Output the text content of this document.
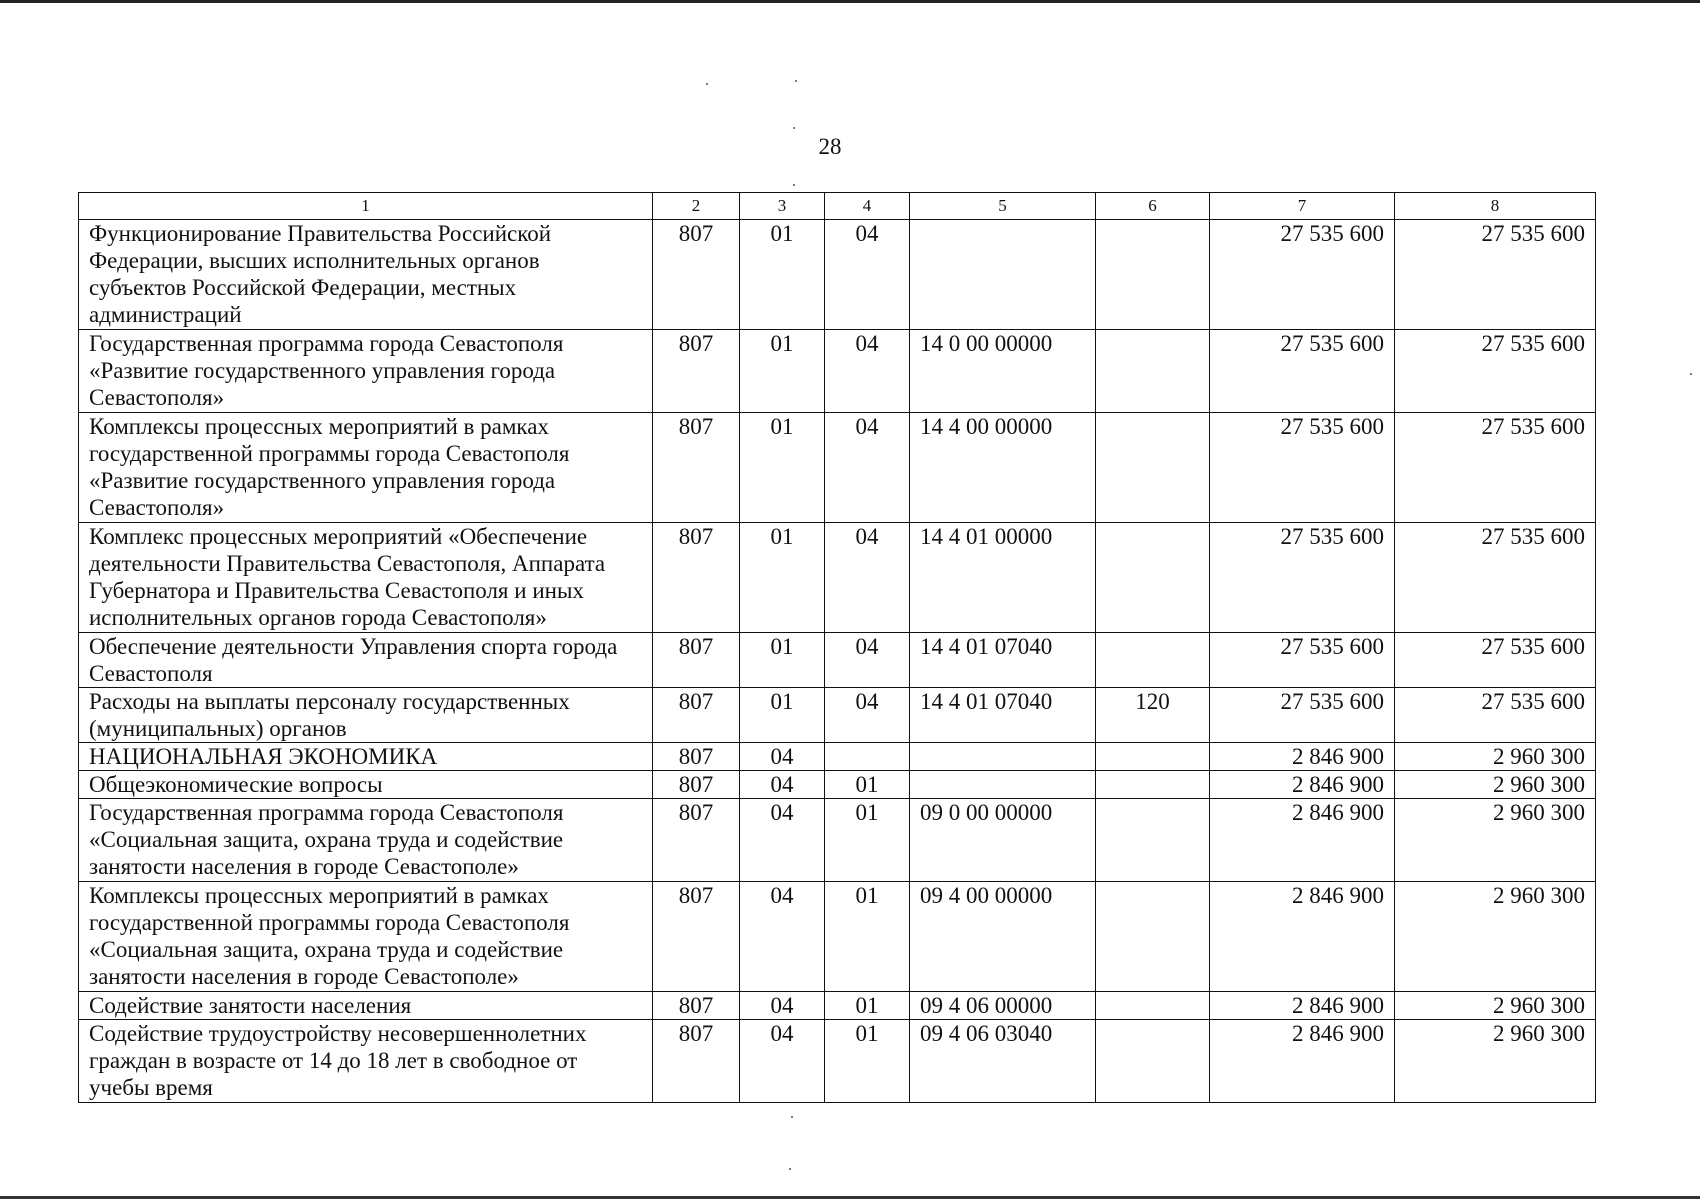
28
1	2	3	4	5	6	7	8
Функционирование Правительства Российской Федерации, высших исполнительных органов субъектов Российской Федерации, местных администраций	807	01	04			27 535 600	27 535 600
Государственная программа города Севастополя «Развитие государственного управления города Севастополя»	807	01	04	14 0 00 00000		27 535 600	27 535 600
Комплексы процессных мероприятий в рамках государственной программы города Севастополя «Развитие государственного управления города Севастополя»	807	01	04	14 4 00 00000		27 535 600	27 535 600
Комплекс процессных мероприятий «Обеспечение деятельности Правительства Севастополя, Аппарата Губернатора и Правительства Севастополя и иных исполнительных органов города Севастополя»	807	01	04	14 4 01 00000		27 535 600	27 535 600
Обеспечение деятельности Управления спорта города Севастополя	807	01	04	14 4 01 07040		27 535 600	27 535 600
Расходы на выплаты персоналу государственных (муниципальных) органов	807	01	04	14 4 01 07040	120	27 535 600	27 535 600
НАЦИОНАЛЬНАЯ ЭКОНОМИКА	807	04				2 846 900	2 960 300
Общеэкономические вопросы	807	04	01			2 846 900	2 960 300
Государственная программа города Севастополя «Социальная защита, охрана труда и содействие занятости населения в городе Севастополе»	807	04	01	09 0 00 00000		2 846 900	2 960 300
Комплексы процессных мероприятий в рамках государственной программы города Севастополя «Социальная защита, охрана труда и содействие занятости населения в городе Севастополе»	807	04	01	09 4 00 00000		2 846 900	2 960 300
Содействие занятости населения	807	04	01	09 4 06 00000		2 846 900	2 960 300
Содействие трудоустройству несовершеннолетних граждан в возрасте от 14 до 18 лет в свободное от учебы время	807	04	01	09 4 06 03040		2 846 900	2 960 300
